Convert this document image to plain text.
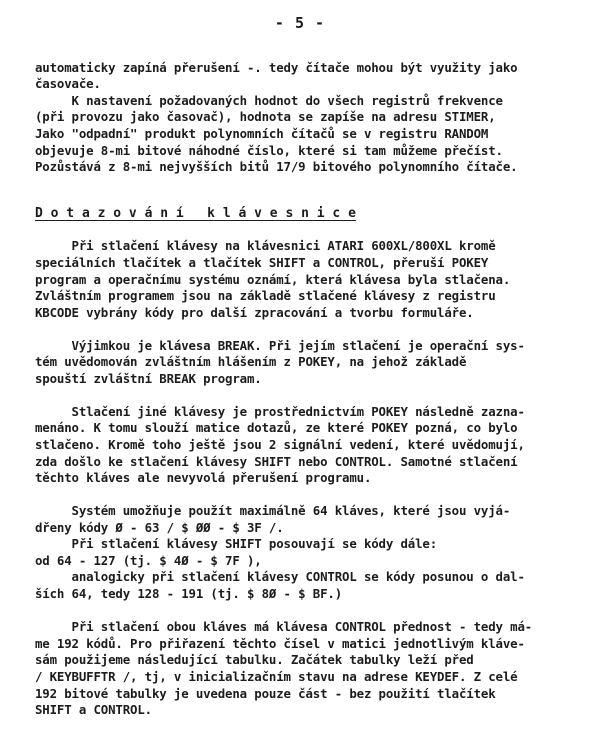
- 5 -
automaticky zapíná přerušení -. tedy čítače mohou být využity jako
časovače.
K nastavení požadovaných hodnot do všech registrů frekvence
(při provozu jako časovač), hodnota se zapíše na adresu STIMER,
Jako "odpadní" produkt polynomních čítačů se v registru RANDOM
objevuje 8-mi bitové náhodné číslo, které si tam můžeme přečíst.
Pozůstává z 8-mi nejvyšších bitů 17/9 bitového polynomního čítače.
D o t a z o v á n í   k l á v e s n i c e
Při stlačení klávesy na klávesnici ATARI 600XL/800XL kromě
speciálních tlačítek a tlačítek SHIFT a CONTROL, přeruší POKEY
program a operačnímu systému oznámí, která klávesa byla stlačena.
Zvláštním programem jsou na základě stlačené klávesy z registru
KBCODE vybrány kódy pro další zpracování a tvorbu formuláře.
Výjimkou je klávesa BREAK. Při jejím stlačení je operační sys-
tém uvědomován zvláštním hlášením z POKEY, na jehož základě
spouští zvláštní BREAK program.
Stlačení jiné klávesy je prostřednictvím POKEY následně zazna-
menáno. K tomu slouží matice dotazů, ze které POKEY pozná, co bylo
stlačeno. Kromě toho ještě jsou 2 signální vedení, které uvědomují,
zda došlo ke stlačení klávesy SHIFT nebo CONTROL. Samotné stlačení
těchto kláves ale nevyvolá přerušení programu.
Systém umožňuje použít maximálně 64 kláves, které jsou vyjá-
dřeny kódy Ø - 63 / $ ØØ - $ 3F /.
Při stlačení klávesy SHIFT posouvají se kódy dále:
od 64 - 127 (tj. $ 4Ø - $ 7F ),
analogicky při stlačení klávesy CONTROL se kódy posunou o dal-
ších 64, tedy 128 - 191 (tj. $ 8Ø - $ BF.)
Při stlačení obou kláves má klávesa CONTROL přednost - tedy má-
me 192 kódů. Pro přiřazení těchto čísel v matici jednotlivým kláve-
sám použijeme následující tabulku. Začátek tabulky leží před
/ KEYBUFFTR /, tj, v inicializačním stavu na adrese KEYDEF. Z celé
192 bitové tabulky je uvedena pouze část - bez použití tlačítek
SHIFT a CONTROL.
